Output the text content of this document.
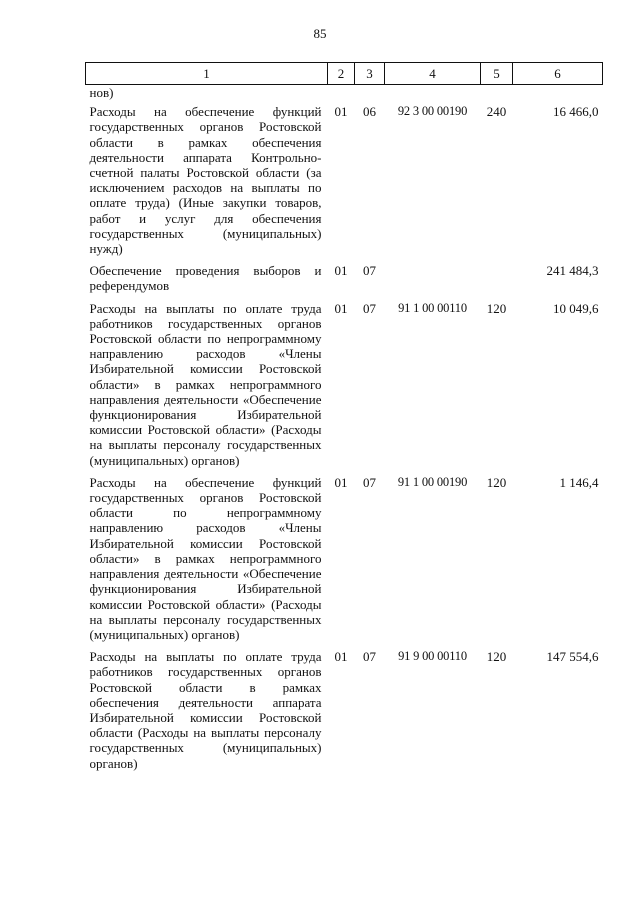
85
1	2	3	4	5	6
нов)					

Расходы на обеспечение функций государственных органов Ростовской области в рамках обеспечения деятельности аппарата Контрольно-счетной палаты Ростовской области (за исключением расходов на выплаты по оплате труда) (Иные закупки товаров, работ и услуг для обеспечения государственных (муниципальных) нужд)	01	06	92 3 00 00190	240	16 466,0

Обеспечение проведения выборов и референдумов	01	07			241 484,3

Расходы на выплаты по оплате труда работников государственных органов Ростовской области по непрограммному направлению расходов «Члены Избирательной комиссии Ростовской области» в рамках непрограммного направления деятельности «Обеспечение функционирования Избирательной комиссии Ростовской области» (Расходы на выплаты персоналу государственных (муниципальных) органов)	01	07	91 1 00 00110	120	10 049,6

Расходы на обеспечение функций государственных органов Ростовской области по непрограммному направлению расходов «Члены Избирательной комиссии Ростовской области» в рамках непрограммного направления деятельности «Обеспечение функционирования Избирательной комиссии Ростовской области» (Расходы на выплаты персоналу государственных (муниципальных) органов)	01	07	91 1 00 00190	120	1 146,4

Расходы на выплаты по оплате труда работников государственных органов Ростовской области в рамках обеспечения деятельности аппарата Избирательной комиссии Ростовской области (Расходы на выплаты персоналу государственных (муниципальных) органов)	01	07	91 9 00 00110	120	147 554,6
